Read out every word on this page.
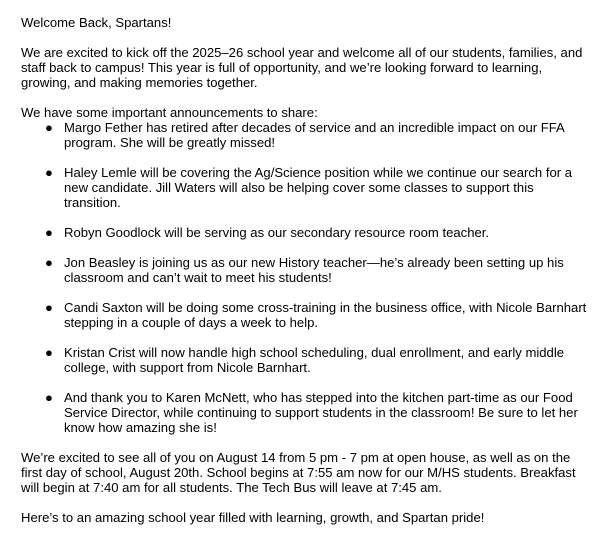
Welcome Back, Spartans!

We are excited to kick off the 2025–26 school year and welcome all of our students, families, and staff back to campus! This year is full of opportunity, and we’re looking forward to learning, growing, and making memories together.

We have some important announcements to share:

● Margo Fether has retired after decades of service and an incredible impact on our FFA program. She will be greatly missed!
● Haley Lemle will be covering the Ag/Science position while we continue our search for a new candidate. Jill Waters will also be helping cover some classes to support this transition.
● Robyn Goodlock will be serving as our secondary resource room teacher.
● Jon Beasley is joining us as our new History teacher—he’s already been setting up his classroom and can’t wait to meet his students!
● Candi Saxton will be doing some cross-training in the business office, with Nicole Barnhart stepping in a couple of days a week to help.
● Kristan Crist will now handle high school scheduling, dual enrollment, and early middle college, with support from Nicole Barnhart.
● And thank you to Karen McNett, who has stepped into the kitchen part-time as our Food Service Director, while continuing to support students in the classroom! Be sure to let her know how amazing she is!

We’re excited to see all of you on August 14 from 5 pm - 7 pm at open house, as well as on the first day of school, August 20th. School begins at 7:55 am now for our M/HS students. Breakfast will begin at 7:40 am for all students. The Tech Bus will leave at 7:45 am.

Here’s to an amazing school year filled with learning, growth, and Spartan pride!
